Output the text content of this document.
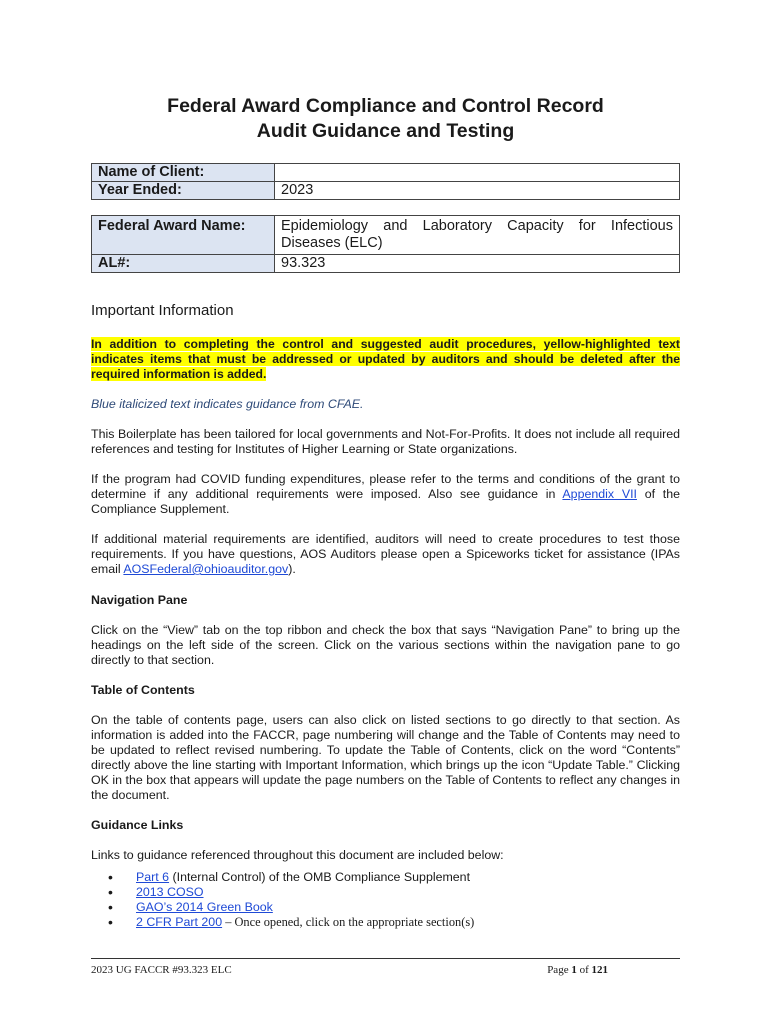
Federal Award Compliance and Control Record
Audit Guidance and Testing
Name of Client:	
Year Ended:	2023
Federal Award Name:	Epidemiology and Laboratory Capacity for Infectious Diseases (ELC)
AL#:	93.323
Important Information
In addition to completing the control and suggested audit procedures, yellow-highlighted text indicates items that must be addressed or updated by auditors and should be deleted after the required information is added.
Blue italicized text indicates guidance from CFAE.
This Boilerplate has been tailored for local governments and Not-For-Profits. It does not include all required references and testing for Institutes of Higher Learning or State organizations.
If the program had COVID funding expenditures, please refer to the terms and conditions of the grant to determine if any additional requirements were imposed. Also see guidance in Appendix VII of the Compliance Supplement.
If additional material requirements are identified, auditors will need to create procedures to test those requirements. If you have questions, AOS Auditors please open a Spiceworks ticket for assistance (IPAs email AOSFederal@ohioauditor.gov).
Navigation Pane
Click on the “View” tab on the top ribbon and check the box that says “Navigation Pane” to bring up the headings on the left side of the screen. Click on the various sections within the navigation pane to go directly to that section.
Table of Contents
On the table of contents page, users can also click on listed sections to go directly to that section. As information is added into the FACCR, page numbering will change and the Table of Contents may need to be updated to reflect revised numbering. To update the Table of Contents, click on the word “Contents” directly above the line starting with Important Information, which brings up the icon “Update Table.” Clicking OK in the box that appears will update the page numbers on the Table of Contents to reflect any changes in the document.
Guidance Links
Links to guidance referenced throughout this document are included below:
• Part 6 (Internal Control) of the OMB Compliance Supplement
• 2013 COSO
• GAO’s 2014 Green Book
• 2 CFR Part 200 – Once opened, click on the appropriate section(s)
2023 UG FACCR #93.323 ELC	Page 1 of 121
